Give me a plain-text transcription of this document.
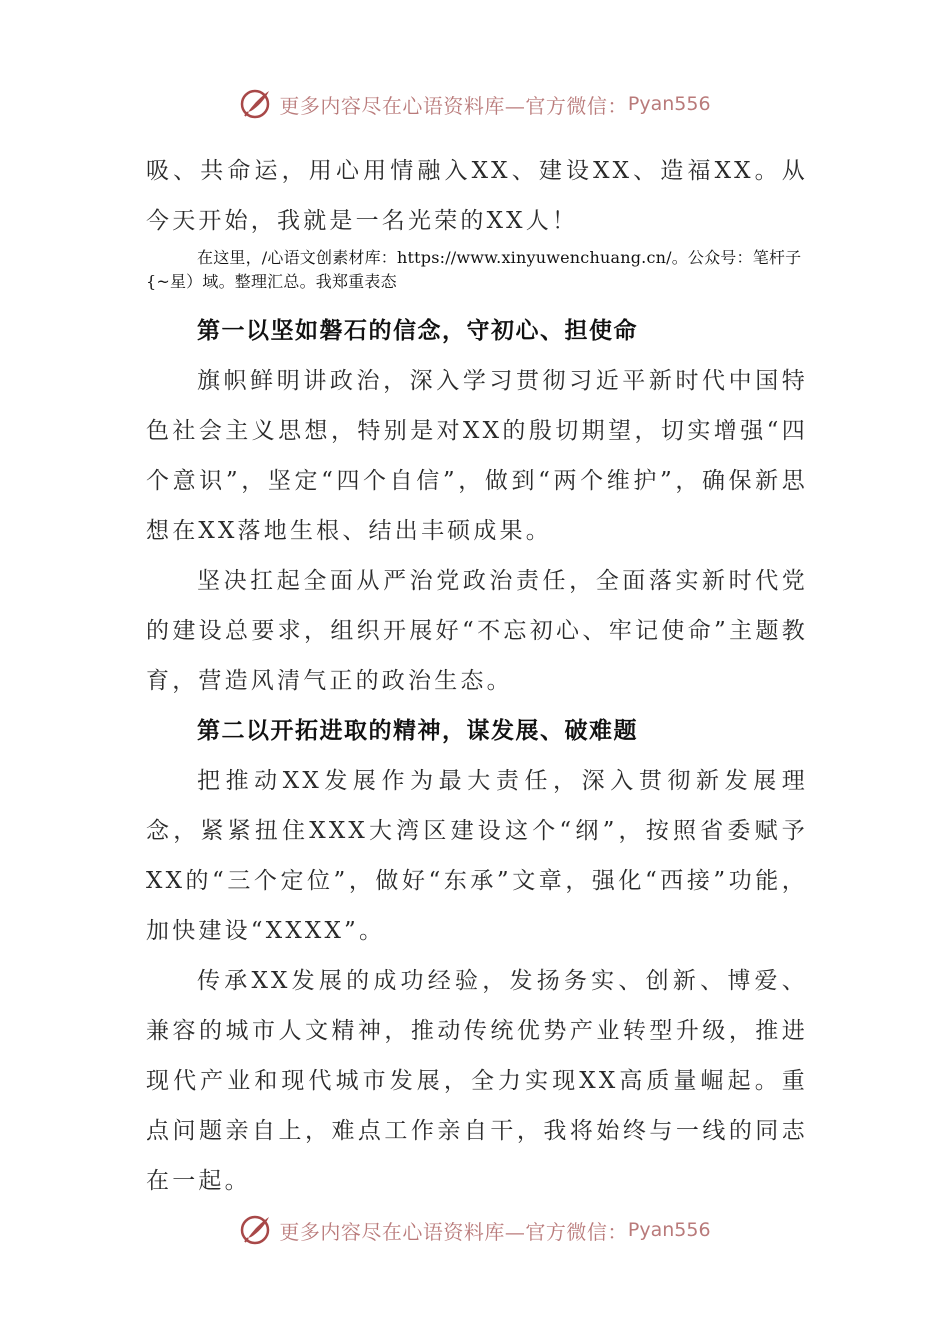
更多内容尽在心语资料库—官方微信： Pyan556

吸、共命运，用心用情融入XX、建设XX、造福XX。从今天开始，我就是一名光荣的XX人！

在这里，/心语文创素材库：https://www.xinyuwenchuang.cn/。公众号：笔杆子{~星）域。整理汇总。我郑重表态

第一以坚如磐石的信念，守初心、担使命

旗帜鲜明讲政治，深入学习贯彻习近平新时代中国特色社会主义思想，特别是对XX的殷切期望，切实增强“四个意识”，坚定“四个自信”，做到“两个维护”，确保新思想在XX落地生根、结出丰硕成果。

坚决扛起全面从严治党政治责任，全面落实新时代党的建设总要求，组织开展好“不忘初心、牢记使命”主题教育，营造风清气正的政治生态。

第二以开拓进取的精神，谋发展、破难题

把推动XX发展作为最大责任，深入贯彻新发展理念，紧紧扭住XXX大湾区建设这个“纲”，按照省委赋予XX的“三个定位”，做好“东承”文章，强化“西接”功能，加快建设“XXXX”。

传承XX发展的成功经验，发扬务实、创新、博爱、兼容的城市人文精神，推动传统优势产业转型升级，推进现代产业和现代城市发展，全力实现XX高质量崛起。重点问题亲自上，难点工作亲自干，我将始终与一线的同志在一起。

更多内容尽在心语资料库—官方微信： Pyan556
